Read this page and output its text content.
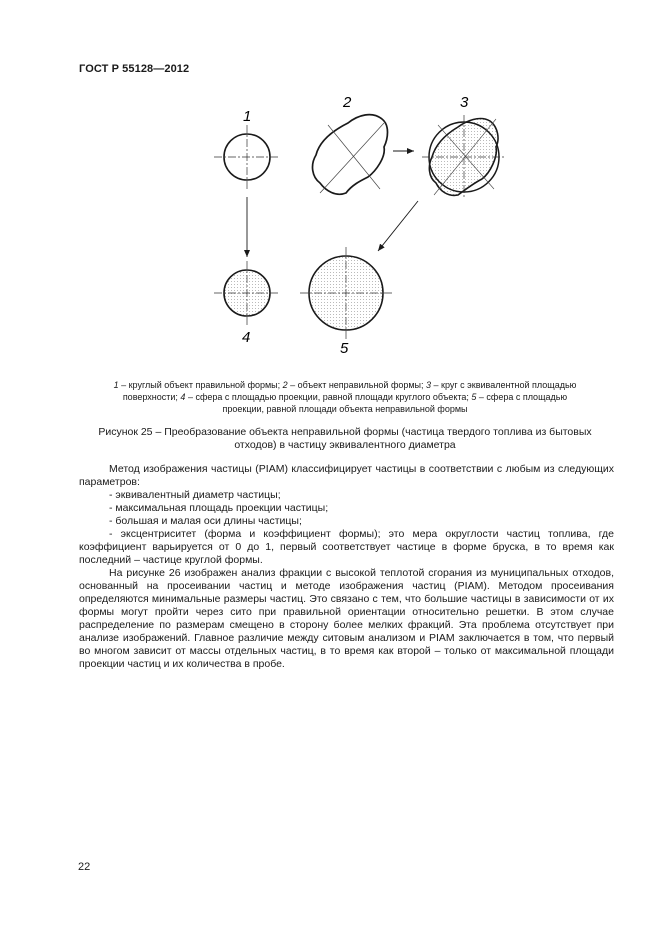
ГОСТ Р 55128—2012
1
2	3
4
5
1 – круглый объект правильной формы; 2 – объект неправильной формы; 3 – круг с эквивалентной площадью
поверхности; 4 – сфера с площадью проекции, равной площади круглого объекта; 5 – сфера с площадью
проекции, равной площади объекта неправильной формы
Рисунок 25 – Преобразование объекта неправильной формы (частица твердого топлива из бытовых
отходов) в частицу эквивалентного диаметра

Метод изображения частицы (PIAM) классифицирует частицы в соответствии с любым из следующих параметров:

- эквивалентный диаметр частицы;

- максимальная площадь проекции частицы;

- большая и малая оси длины частицы;

- эксцентриситет (форма и коэффициент формы); это мера округлости частиц топлива, где коэффициент варьируется от 0 до 1, первый соответствует частице в форме бруска, в то время как последний – частице круглой формы.

На рисунке 26 изображен анализ фракции с высокой теплотой сгорания из муниципальных отходов, основанный на просеивании частиц и методе изображения частиц (PIAM). Методом просеивания определяются минимальные размеры частиц. Это связано с тем, что большие частицы в зависимости от их формы могут пройти через сито при правильной ориентации относительно решетки. В этом случае распределение по размерам смещено в сторону более мелких фракций. Эта проблема отсутствует при анализе изображений. Главное различие между ситовым анализом и PIAM заключается в том, что первый во многом зависит от массы отдельных частиц, в то время как второй – только от максимальной площади проекции частиц и их количества в пробе.

22
